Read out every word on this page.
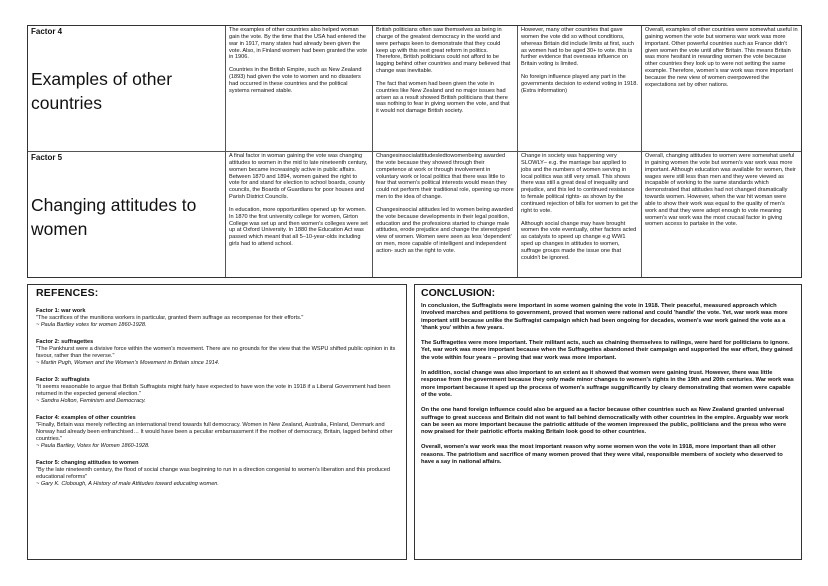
Factor 4
Examples of other countries

The examples of other countries also helped woman gain the vote. By the time that the USA had entered the war in 1917, many states had already been given the vote. Also, in Finland women had been granted the vote in 1906.

Countries in the British Empire, such as New Zealand (1893) had given the vote to women and no disasters had occurred in these countries and the political systems remained stable.

British politicians often saw themselves as being in charge of the greatest democracy in the world and were perhaps keen to demonstrate that they could keep up with this next great reform in politics. Therefore, British politicians could not afford to be lagging behind other countries and many believed that change was inevitable.

The fact that women had been given the vote in countries like New Zealand and no major issues had arisen as a result showed British politicians that there was nothing to fear in giving women the vote, and that it would not damage British society.

However, many other countries that gave women the vote did so without conditions, whereas Britain did include limits at first, such as women had to be aged 30+ to vote. this is further evidence that overseas influence on Britain voting is limited.

No foreign influence played any part in the governments decision to extend voting in 1918. (Extra information)

Overall, examples of other countries were somewhat useful in gaining women the vote but womens war work was more important. Other powerful countries such as France didn't given women the vote until after Britain. This means Britain was more hesitant in rewarding women the vote because other countries they look up to were not setting the same example. Therefore, women's war work was more important because the new view of women overpowered the expectations set by other nations.

Factor 5
Changing attitudes to women

A final factor in woman gaining the vote was changing attitudes to women in the mid to late nineteenth century, women became increasingly active in public affairs. Between 1870 and 1894, women gained the right to vote for and stand for election to school boards, county councils, the Boards of Guardians for poor houses and Parish District Councils.

In education, more opportunities opened up for women. In 1870 the first university college for women, Girton College was set up and then women's colleges were set up at Oxford University. In 1880 the Education Act was passed which meant that all 5–10-year-olds including girls had to attend school.

Changesinsocialattitudesledtowomenbeing awarded the vote because they showed through their competence at work or through involvement in voluntary work or local politics that there was little to fear that women's political interests would mean they could not perform their traditional role, opening up more men to the idea of change.

Changesinsocial attitudes led to women being awarded the vote because developments in their legal position, education and the professions started to change male attitudes, erode prejudice and change the stereotyped view of women. Women were seen as less 'dependent' on men, more capable of intelligent and independent action- such as the right to vote.

Change in society was happening very SLOWLY– e.g. the marriage bar applied to jobs and the numbers of women serving in local politics was still very small. This shows there was still a great deal of inequality and prejudice, and this led to continued resistance to female political rights- as shown by the continued rejection of bills for women to get the right to vote.

Although social change may have brought women the vote eventually, other factors acted as catalysts to speed up change e.g WW1 sped up changes in attitudes to women, suffrage groups made the issue one that couldn't be ignored.

Overall, changing attitudes to women were somewhat useful in gaining women the vote but women's war work was more important. Although education was available for women, their wages were still less than men and they were viewed as incapable of working to the same standards which demonstrated that attitudes had not changed dramatically towards women. However, when the war hit woman were able to show their work was equal to the quality of men's work and that they were adept enough to vote meaning women's war work was the most crucsal factor in giving women access to partake in the vote.

REFENCES:
Factor 1: war work
"The sacrifices of the munitions workers in particular, granted them suffrage as recompense for their efforts."
~ Paula Bartley votes for women 1860-1928.
Factor 2: suffragettes
"The Pankhurst were a divisive force within the women's movement. There are no grounds for the view that the WSPU shifted public opinion in its favour, rather than the reverse."
~ Martin Pugh, Women and the Women's Movement in Britain since 1914.
Factor 3: suffragists
"It seems reasonable to argue that British Suffragists might fairly have expected to have won the vote in 1918 if a Liberal Government had been returned in the expected general election."
~ Sandra Holton, Feminism and Democracy.
Factor 4: examples of other countries
"Finally, Britain was merely reflecting an international trend towards full democracy. Women in New Zealand, Australia, Finland, Denmark and Norway had already been enfranchised… It would have been a peculiar embarrassment if the mother of democracy, Britain, lagged behind other countries."
~ Paula Bartley, Votes for Women 1860-1928.
Factor 5: changing attitudes to women
"By the late nineteenth century, the flood of social change was beginning to run in a direction congenial to women's liberation and this produced educational reforms"
~ Gary K. Clobough, A History of male Attitudes toward educating women.
CONCLUSION:

In conclusion, the Suffragists were important in some women gaining the vote in 1918. Their peaceful, measured approach which involved marches and petitions to government, proved that women were rational and could 'handle' the vote. Yet, war work was more important still because unlike the Suffragist campaign which had been ongoing for decades, women's war work gained the vote as a 'thank you' within a few years.

The Suffragettes were more important. Their militant acts, such as chaining themselves to railings, were hard for politicians to ignore. Yet, war work was more important because when the Suffragettes abandoned their campaign and supported the war effort, they gained the vote within four years – proving that war work was more important.

In addition, social change was also important to an extent as it showed that women were gaining trust. However, there was little response from the government because they only made minor changes to women's rights in the 19th and 20th centuries. War work was more important because it sped up the process of women's suffrage suggnificantly by cleary demonstrating that women were capable of the vote.

On the one hand foreign influence could also be argued as a factor because other countries such as New Zealand granted universal suffrage to great success and Britain did not want to fall behind democratically with other countries in the empire. Arguably war work can be seen as more important because the patriotic attitude of the women impressed the public, politicians and the press who were now praised for their patriotic efforts making Britain look good to other countries.

Overall, women's war work was the most important reason why some women won the vote in 1918, more important than all other reasons. The patriotism and sacrifice of many women proved that they were vital, responsible members of society who deserved to have a say in national affairs.
